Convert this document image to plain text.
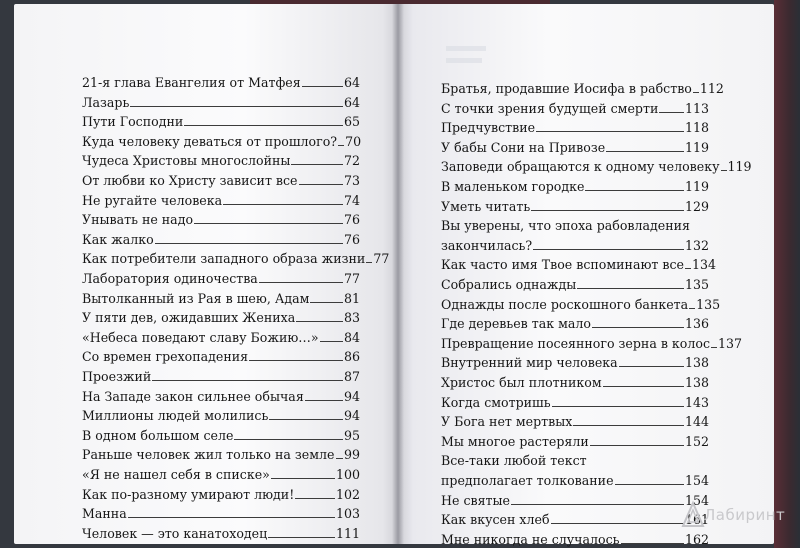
21-я глава Евангелия от Матфея	64
Лазарь	64
Пути Господни	65
Куда человеку деваться от прошлого? 70
Чудеса Христовы многослойны	72
От любви ко Христу зависит все	73
Не ругайте человека	74
Унывать не надо	76
Как жалко	76
Как потребители западного образа жизни 77
Лаборатория одиночества	77
Вытолканный из Рая в шею, Адам	81
У пяти дев, ожидавших Жениха	83
«Небеса поведают славу Божию…» 84
Со времен грехопадения	86
Проезжий	87
На Западе закон сильнее обычая	94
Миллионы людей молились	94
В одном большом селе	95
Раньше человек жил только на земле 99
«Я не нашел себя в списке»	100
Как по-разному умирают люди!	102
Манна	103
Человек — это канатоходец	111
Братья, продавшие Иосифа в рабство 112
С точки зрения будущей смерти 113
Предчувствие	118
У бабы Сони на Привозе	119
Заповеди обращаются к одному человеку 119
В маленьком городке	119
Уметь читать	129
Вы уверены, что эпоха рабовладения
закончилась?	132
Как часто имя Твое вспоминают все 134
Собрались однажды	135
Однажды после роскошного банкета 135
Где деревьев так мало	136
Превращение посеянного зерна в колос 137
Внутренний мир человека	138
Христос был плотником	138
Когда смотришь	143
У Бога нет мертвых	144
Мы многое растеряли	152
Все-таки любой текст
предполагает толкование	154
Не святые	154
Как вкусен хлеб	161
Мне никогда не случалось	162
Лабиринт
